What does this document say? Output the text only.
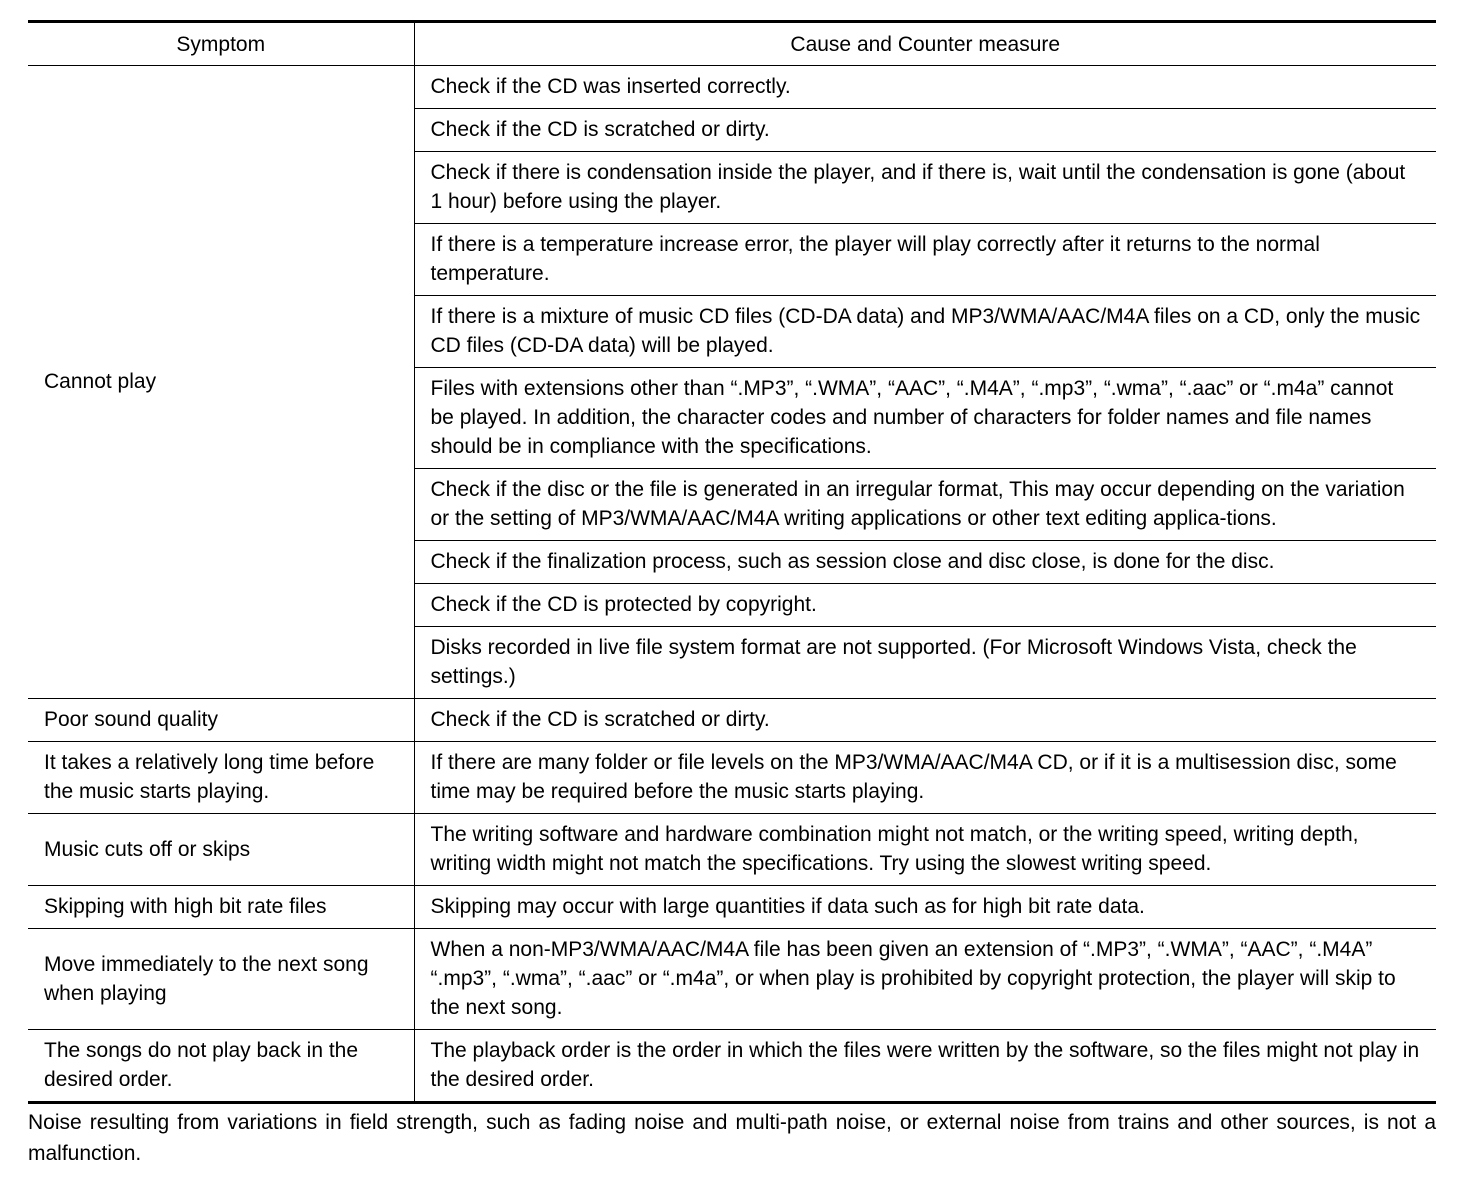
Symptom	Cause and Counter measure
Cannot play	Check if the CD was inserted correctly.
	Check if the CD is scratched or dirty.
	Check if there is condensation inside the player, and if there is, wait until the condensation is gone (about 1 hour) before using the player.
	If there is a temperature increase error, the player will play correctly after it returns to the normal temperature.
	If there is a mixture of music CD files (CD-DA data) and MP3/WMA/AAC/M4A files on a CD, only the music CD files (CD-DA data) will be played.
	Files with extensions other than “.MP3”, “.WMA”, “AAC”, “.M4A”, “.mp3”, “.wma”, “.aac” or “.m4a” cannot be played. In addition, the character codes and number of characters for folder names and file names should be in compliance with the specifications.
	Check if the disc or the file is generated in an irregular format, This may occur depending on the variation or the setting of MP3/WMA/AAC/M4A writing applications or other text editing applica-tions.
	Check if the finalization process, such as session close and disc close, is done for the disc.
	Check if the CD is protected by copyright.
	Disks recorded in live file system format are not supported. (For Microsoft Windows Vista, check the settings.)
Poor sound quality	Check if the CD is scratched or dirty.
It takes a relatively long time before the music starts playing.	If there are many folder or file levels on the MP3/WMA/AAC/M4A CD, or if it is a multisession disc, some time may be required before the music starts playing.
Music cuts off or skips	The writing software and hardware combination might not match, or the writing speed, writing depth, writing width might not match the specifications. Try using the slowest writing speed.
Skipping with high bit rate files	Skipping may occur with large quantities if data such as for high bit rate data.
Move immediately to the next song when playing	When a non-MP3/WMA/AAC/M4A file has been given an extension of “.MP3”, “.WMA”, “AAC”, “.M4A” “.mp3”, “.wma”, “.aac” or “.m4a”, or when play is prohibited by copyright protection, the player will skip to the next song.
The songs do not play back in the desired order.	The playback order is the order in which the files were written by the software, so the files might not play in the desired order.
Noise resulting from variations in field strength, such as fading noise and multi-path noise, or external noise from trains and other sources, is not a malfunction.
